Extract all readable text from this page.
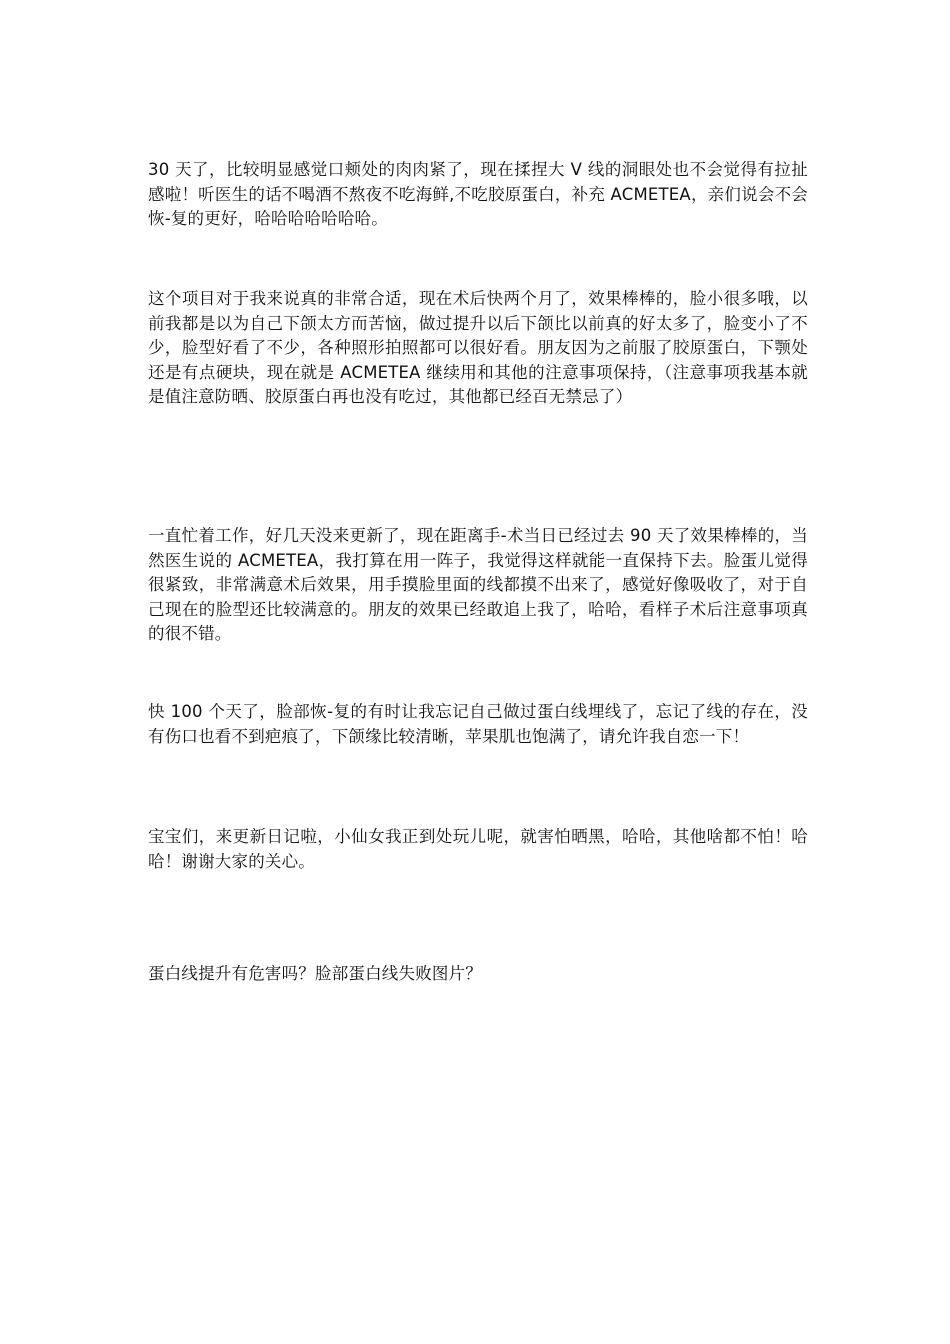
30 天了，比较明显感觉口颊处的肉肉紧了，现在揉捏大 V 线的洞眼处也不会觉得有拉扯感啦！听医生的话不喝酒不熬夜不吃海鲜,不吃胶原蛋白，补充 ACMETEA，亲们说会不会恢-复的更好，哈哈哈哈哈哈哈。

这个项目对于我来说真的非常合适，现在术后快两个月了，效果棒棒的，脸小很多哦，以前我都是以为自己下颌太方而苦恼，做过提升以后下颌比以前真的好太多了，脸变小了不少，脸型好看了不少，各种照形拍照都可以很好看。朋友因为之前服了胶原蛋白，下颚处还是有点硬块，现在就是 ACMETEA 继续用和其他的注意事项保持，（注意事项我基本就是值注意防晒、胶原蛋白再也没有吃过，其他都已经百无禁忌了）

一直忙着工作，好几天没来更新了，现在距离手-术当日已经过去 90 天了效果棒棒的，当然医生说的 ACMETEA，我打算在用一阵子，我觉得这样就能一直保持下去。脸蛋儿觉得很紧致，非常满意术后效果，用手摸脸里面的线都摸不出来了，感觉好像吸收了，对于自己现在的脸型还比较满意的。朋友的效果已经敢追上我了，哈哈，看样子术后注意事项真的很不错。

快 100 个天了，脸部恢-复的有时让我忘记自己做过蛋白线埋线了，忘记了线的存在，没有伤口也看不到疤痕了，下颌缘比较清晰，苹果肌也饱满了，请允许我自恋一下！

宝宝们，来更新日记啦，小仙女我正到处玩儿呢，就害怕晒黑，哈哈，其他啥都不怕！哈哈！谢谢大家的关心。

蛋白线提升有危害吗？脸部蛋白线失败图片？
